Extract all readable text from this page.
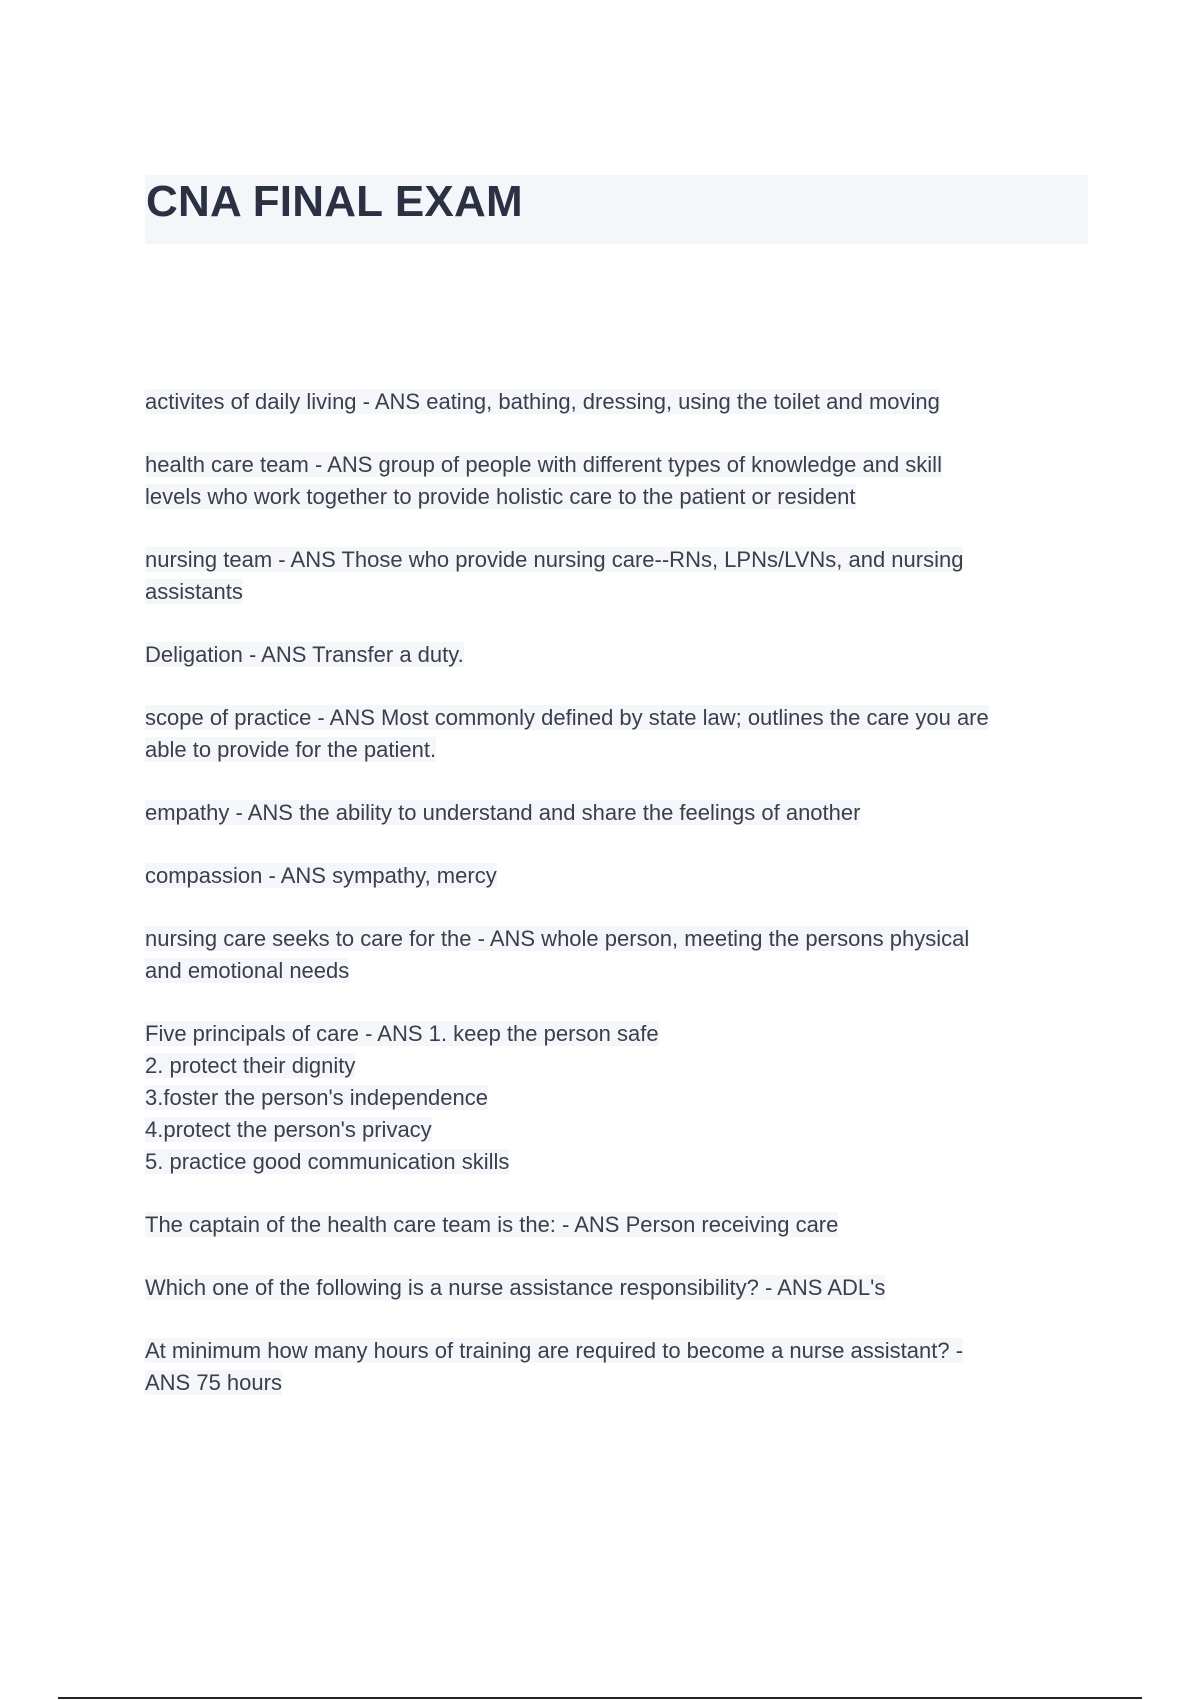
CNA FINAL EXAM

activites of daily living - ANS eating, bathing, dressing, using the toilet and moving

health care team - ANS group of people with different types of knowledge and skill
levels who work together to provide holistic care to the patient or resident

nursing team - ANS Those who provide nursing care--RNs, LPNs/LVNs, and nursing
assistants

Deligation - ANS Transfer a duty.

scope of practice - ANS Most commonly defined by state law; outlines the care you are
able to provide for the patient.

empathy - ANS the ability to understand and share the feelings of another

compassion - ANS sympathy, mercy

nursing care seeks to care for the - ANS whole person, meeting the persons physical
and emotional needs

Five principals of care - ANS 1. keep the person safe
2. protect their dignity
3.foster the person's independence
4.protect the person's privacy
5. practice good communication skills

The captain of the health care team is the: - ANS Person receiving care

Which one of the following is a nurse assistance responsibility? - ANS ADL's

At minimum how many hours of training are required to become a nurse assistant? -
ANS 75 hours
